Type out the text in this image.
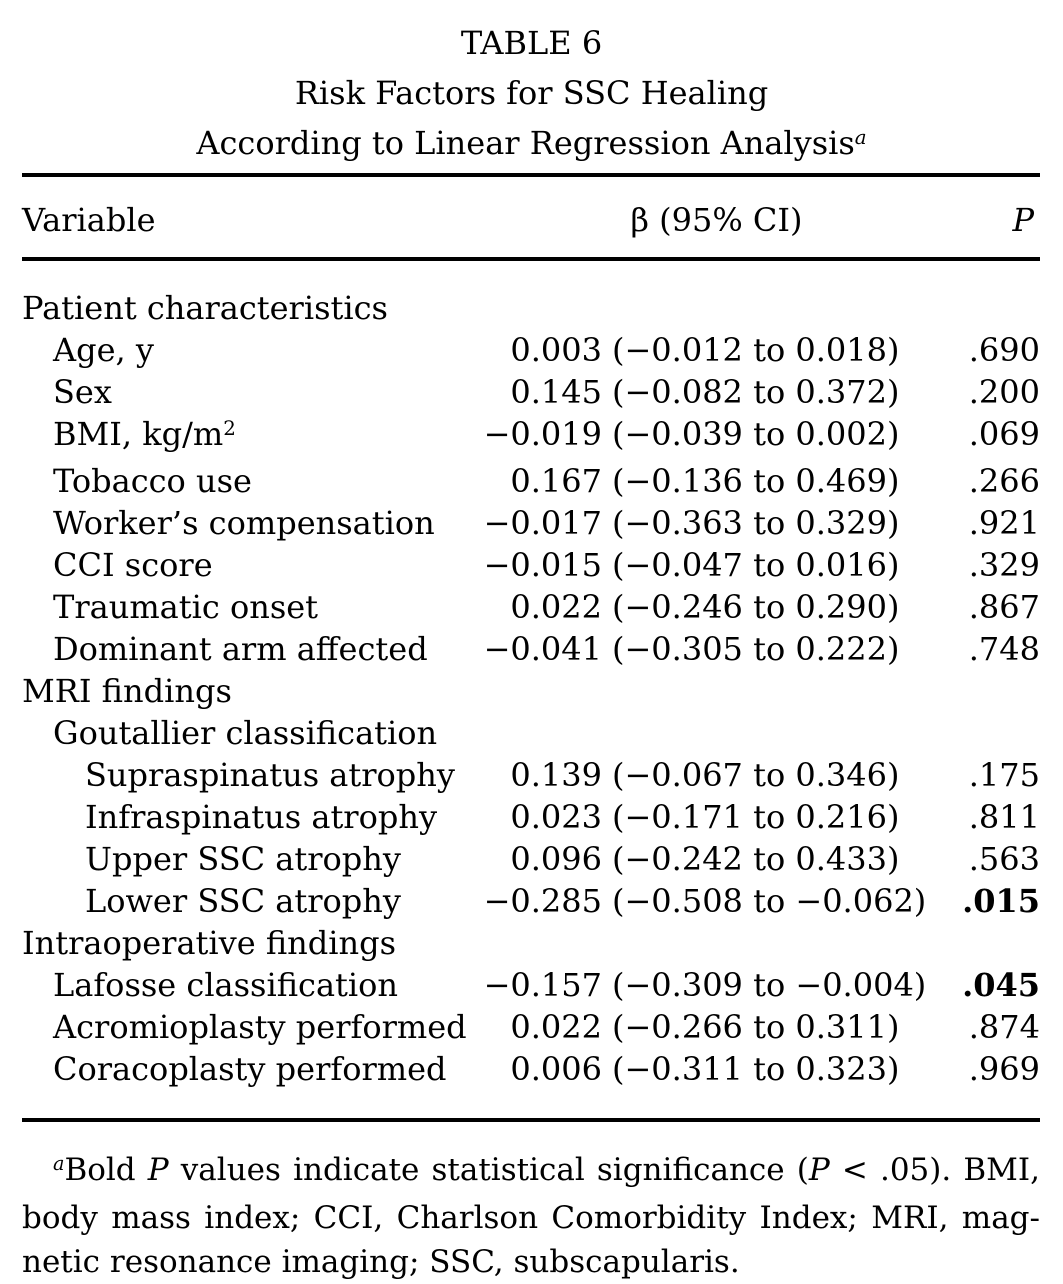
TABLE 6
Risk Factors for SSC Healing
According to Linear Regression Analysis$^a$
Variable	β (95% CI)	P
Patient characteristics
Age, y	0.003 (−0.012 to 0.018)	.690
Sex	0.145 (−0.082 to 0.372)	.200
BMI, $kg/m^2$	−0.019 (−0.039 to 0.002)	.069
Tobacco use	0.167 (−0.136 to 0.469)	.266
Worker’s compensation	−0.017 (−0.363 to 0.329)	.921
CCI score	−0.015 (−0.047 to 0.016)	.329
Traumatic onset	0.022 (−0.246 to 0.290)	.867
Dominant arm affected	−0.041 (−0.305 to 0.222)	.748
MRI findings
Goutallier classification
Supraspinatus atrophy	0.139 (−0.067 to 0.346)	.175
Infraspinatus atrophy	0.023 (−0.171 to 0.216)	.811
Upper SSC atrophy	0.096 (−0.242 to 0.433)	.563
Lower SSC atrophy	−0.285 (−0.508 to −0.062)	.015
Intraoperative findings
Lafosse classification	−0.157 (−0.309 to −0.004)	.045
Acromioplasty performed	0.022 (−0.266 to 0.311)	.874
Coracoplasty performed	0.006 (−0.311 to 0.323)	.969
$^a$Bold P values indicate statistical significance (P < .05). BMI,
body mass index; CCI, Charlson Comorbidity Index; MRI, mag-
netic resonance imaging; SSC, subscapularis.
